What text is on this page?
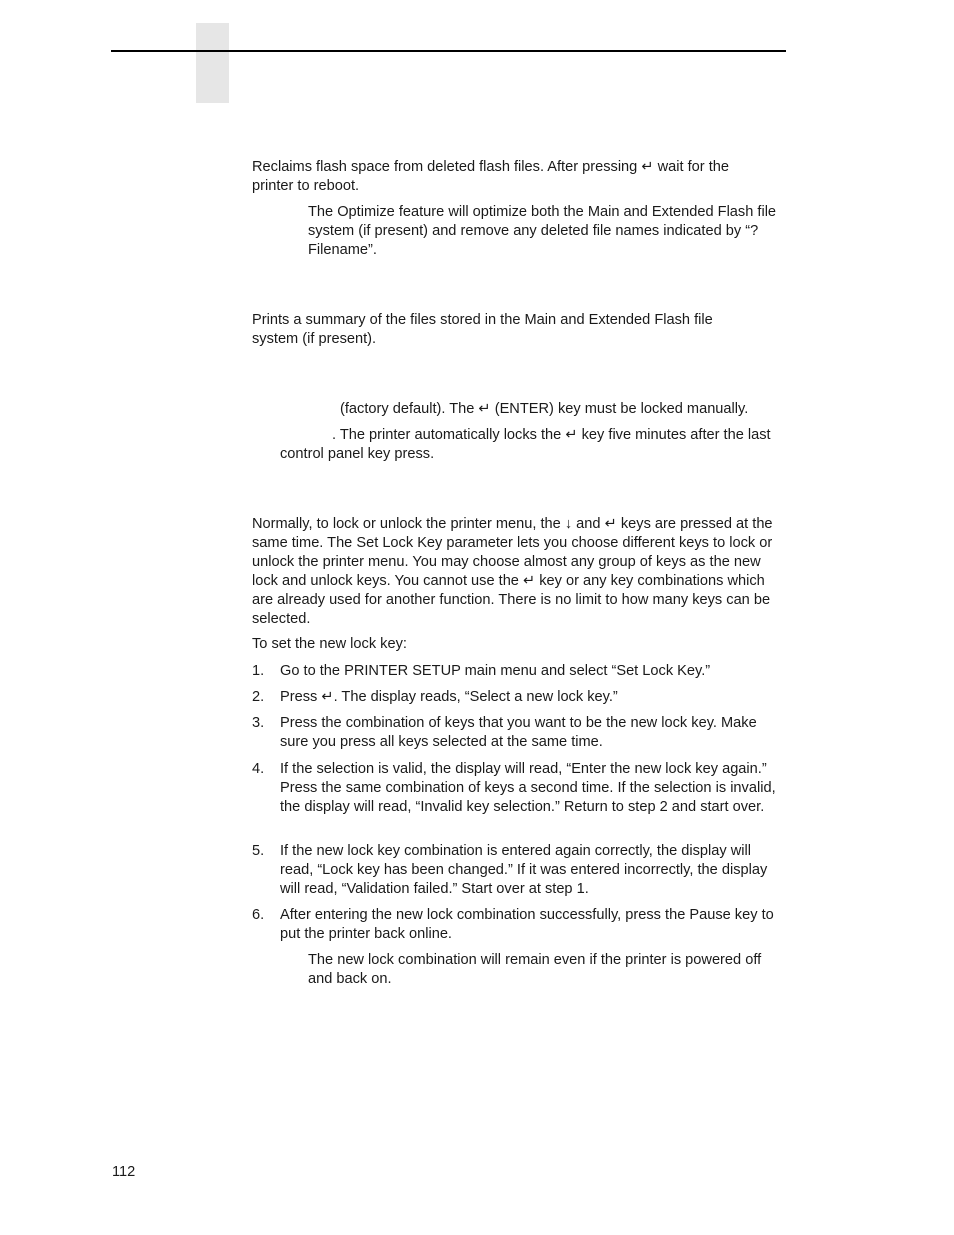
Reclaims flash space from deleted flash files. After pressing ↵ wait for the printer to reboot.

The Optimize feature will optimize both the Main and Extended Flash file system (if present) and remove any deleted file names indicated by “?Filename”.

Prints a summary of the files stored in the Main and Extended Flash file system (if present).

(factory default). The ↵ (ENTER) key must be locked manually.

. The printer automatically locks the ↵ key five minutes after the last control panel key press.

Normally, to lock or unlock the printer menu, the ↓ and ↵ keys are pressed at the same time. The Set Lock Key parameter lets you choose different keys to lock or unlock the printer menu. You may choose almost any group of keys as the new lock and unlock keys. You cannot use the ↵ key or any key combinations which are already used for another function. There is no limit to how many keys can be selected.

To set the new lock key:

1. Go to the PRINTER SETUP main menu and select “Set Lock Key.”
2. Press ↵. The display reads, “Select a new lock key.”
3. Press the combination of keys that you want to be the new lock key. Make sure you press all keys selected at the same time.
4. If the selection is valid, the display will read, “Enter the new lock key again.” Press the same combination of keys a second time. If the selection is invalid, the display will read, “Invalid key selection.” Return to step 2 and start over.
5. If the new lock key combination is entered again correctly, the display will read, “Lock key has been changed.” If it was entered incorrectly, the display will read, “Validation failed.” Start over at step 1.
6. After entering the new lock combination successfully, press the Pause key to put the printer back online.

The new lock combination will remain even if the printer is powered off and back on.

112
